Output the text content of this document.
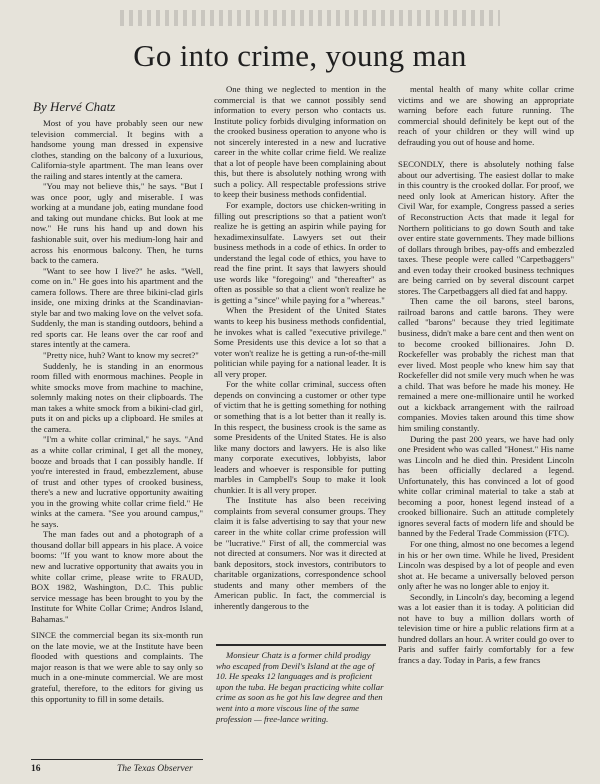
Go into crime, young man
By Hervé Chatz

Most of you have probably seen our new television commercial. It begins with a handsome young man dressed in expensive clothes, standing on the balcony of a luxurious, California-style apartment. The man leans over the railing and stares intently at the camera.

"You may not believe this," he says. "But I was once poor, ugly and miserable. I was working at a mundane job, eating mundane food and taking out mundane chicks. But look at me now." He runs his hand up and down his fashionable suit, over his medium-long hair and across his enormous balcony. Then, he turns back to the camera.

"Want to see how I live?" he asks. "Well, come on in." He goes into his apartment and the camera follows. There are three bikini-clad girls inside, one mixing drinks at the Scandinavian-style bar and two making love on the velvet sofa. Suddenly, the man is standing outdoors, behind a red sports car. He leans over the car roof and stares intently at the camera.

"Pretty nice, huh? Want to know my secret?"

Suddenly, he is standing in an enormous room filled with enormous machines. People in white smocks move from machine to machine, solemnly making notes on their clipboards. The man takes a white smock from a bikini-clad girl, puts it on and picks up a clipboard. He smiles at the camera.

"I'm a white collar criminal," he says. "And as a white collar criminal, I get all the money, booze and broads that I can possibly handle. If you're interested in fraud, embezzlement, abuse of trust and other types of crooked business, there's a new and lucrative opportunity awaiting you in the growing white collar crime field." He winks at the camera. "See you around campus," he says.

The man fades out and a photograph of a thousand dollar bill appears in his place. A voice booms: "If you want to know more about the new and lucrative opportunity that awaits you in white collar crime, please write to FRAUD, BOX 1982, Washington, D.C. This public service message has been brought to you by the Institute for White Collar Crime; Andros Island, Bahamas."

SINCE the commercial began its six-month run on the late movie, we at the Institute have been flooded with questions and complaints. The major reason is that we were able to say only so much in a one-minute commercial. We are most grateful, therefore, to the editors for giving us this opportunity to fill in some details.

One thing we neglected to mention in the commercial is that we cannot possibly send information to every person who contacts us. Institute policy forbids divulging information on the crooked business operation to anyone who is not sincerely interested in a new and lucrative career in the white collar crime field. We realize that a lot of people have been complaining about this, but there is absolutely nothing wrong with such a policy. All respectable professions strive to keep their business methods confidential.

For example, doctors use chicken-writing in filling out prescriptions so that a patient won't realize he is getting an aspirin while paying for hexadimexinsulfate. Lawyers set out their business methods in a code of ethics. In order to understand the legal code of ethics, you have to read the fine print. It says that lawyers should use words like "foregoing" and "thereafter" as often as possible so that a client won't realize he is getting a "since" while paying for a "whereas."

When the President of the United States wants to keep his business methods confidential, he invokes what is called "executive privilege." Some Presidents use this device a lot so that a voter won't realize he is getting a run-of-the-mill politician while paying for a national leader. It is all very proper.

For the white collar criminal, success often depends on convincing a customer or other type of victim that he is getting something for nothing or something that is a lot better than it really is. In this respect, the business crook is the same as some Presidents of the United States. He is also like many doctors and lawyers. He is also like many corporate executives, lobbyists, labor leaders and whoever is responsible for putting marbles in Campbell's Soup to make it look chunkier. It is all very proper.

The Institute has also been receiving complaints from several consumer groups. They claim it is false advertising to say that your new career in the white collar crime profession will be "lucrative." First of all, the commercial was not directed at consumers. Nor was it directed at bank depositors, stock investors, contributors to charitable organizations, correspondence school students and many other members of the American public. In fact, the commercial is inherently dangerous to the

mental health of many white collar crime victims and we are showing an appropriate warning before each future running. The commercial should definitely be kept out of the reach of your children or they will wind up defrauding you out of house and home.

SECONDLY, there is absolutely nothing false about our advertising. The easiest dollar to make in this country is the crooked dollar. For proof, we need only look at American history. After the Civil War, for example, Congress passed a series of Reconstruction Acts that made it legal for Northern politicians to go down South and take over entire state governments. They made billions of dollars through bribes, pay-offs and embezzled taxes. These people were called "Carpetbaggers" and even today their crooked business techniques are being carried on by several discount carpet stores. The Carpetbaggers all died fat and happy.

Then came the oil barons, steel barons, railroad barons and cattle barons. They were called "barons" because they tried legitimate business, didn't make a bare cent and then went on to become crooked billionaires. John D. Rockefeller was probably the richest man that ever lived. Most people who knew him say that Rockefeller did not smile very much when he was a child. That was before he made his money. He remained a mere one-millionaire until he worked out a kickback arrangement with the railroad companies. Movies taken around this time show him smiling constantly.

During the past 200 years, we have had only one President who was called "Honest." His name was Lincoln and he died thin. President Lincoln has been officially declared a legend. Unfortunately, this has convinced a lot of good white collar criminal material to take a stab at becoming a poor, honest legend instead of a crooked billionaire. Such an attitude completely ignores several facts of modern life and should be banned by the Federal Trade Commission (FTC).

For one thing, almost no one becomes a legend in his or her own time. While he lived, President Lincoln was despised by a lot of people and even shot at. He became a universally beloved person only after he was no longer able to enjoy it.

Secondly, in Lincoln's day, becoming a legend was a lot easier than it is today. A politician did not have to buy a million dollars worth of television time or hire a public relations firm at a hundred dollars an hour. A writer could go over to Paris and suffer fairly comfortably for a few francs a day. Today in Paris, a few francs

Monsieur Chatz is a former child prodigy who escaped from Devil's Island at the age of 10. He speaks 12 languages and is proficient upon the tuba. He began practicing white collar crime as soon as he got his law degree and then went into a more viscous line of the same profession — free-lance writing.

16	The Texas Observer
